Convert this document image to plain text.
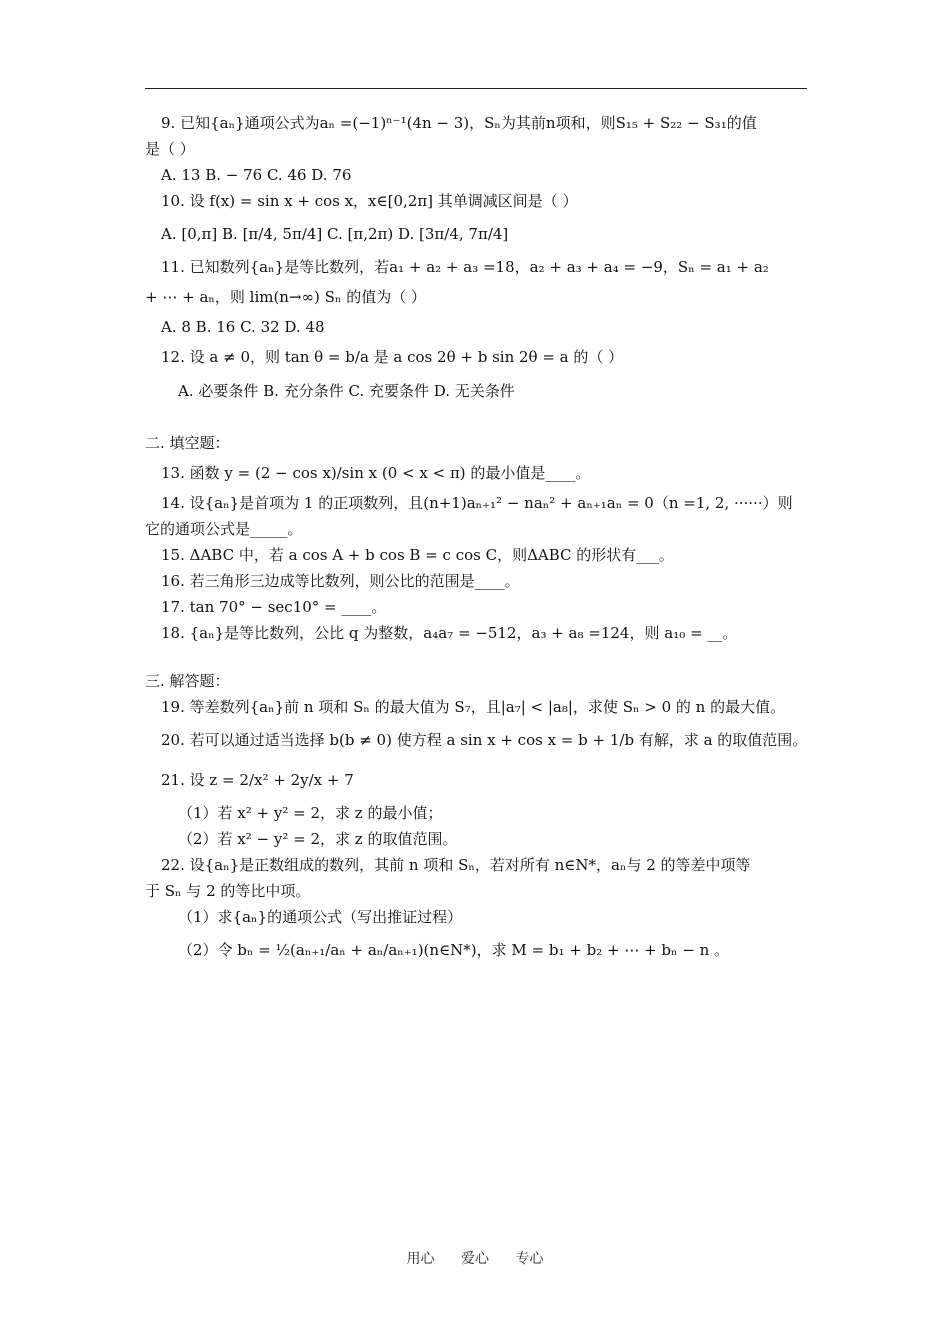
9. 已知{aₙ}通项公式为aₙ =(−1)ⁿ⁻¹(4n − 3)，Sₙ为其前n项和，则S₁₅ + S₂₂ − S₃₁的值
是（ ）
A. 13 B. − 76 C. 46 D. 76
10. 设 f(x) = sin x + cos x，x∈[0,2π] 其单调减区间是（ ）
A. [0,π] B. [π/4, 5π/4] C. [π,2π) D. [3π/4, 7π/4]
11. 已知数列{aₙ}是等比数列，若a₁ + a₂ + a₃ =18，a₂ + a₃ + a₄ = −9，Sₙ = a₁ + a₂
+ ⋯ + aₙ，则 lim(n→∞) Sₙ 的值为（ ）
A. 8 B. 16 C. 32 D. 48
12. 设 a ≠ 0，则 tan θ = b/a 是 a cos 2θ + b sin 2θ = a 的（ ）
A. 必要条件 B. 充分条件 C. 充要条件 D. 无关条件
二. 填空题：
13. 函数 y = (2 − cos x)/sin x (0 < x < π) 的最小值是____。
14. 设{aₙ}是首项为 1 的正项数列，且(n+1)aₙ₊₁² − naₙ² + aₙ₊₁aₙ = 0（n =1, 2, ······）则
它的通项公式是_____。
15. ΔABC 中，若 a cos A + b cos B = c cos C，则ΔABC 的形状有___。
16. 若三角形三边成等比数列，则公比的范围是____。
17. tan 70° − sec10° = ____。
18. {aₙ}是等比数列，公比 q 为整数，a₄a₇ = −512，a₃ + a₈ =124，则 a₁₀ = __。
三. 解答题：
19. 等差数列{aₙ}前 n 项和 Sₙ 的最大值为 S₇，且|a₇| < |a₈|，求使 Sₙ > 0 的 n 的最大值。
20. 若可以通过适当选择 b(b ≠ 0) 使方程 a sin x + cos x = b + 1/b 有解，求 a 的取值范围。
21. 设 z = 2/x² + 2y/x + 7
（1）若 x² + y² = 2，求 z 的最小值；
（2）若 x² − y² = 2，求 z 的取值范围。
22. 设{aₙ}是正数组成的数列，其前 n 项和 Sₙ，若对所有 n∈N*，aₙ与 2 的等差中项等
于 Sₙ 与 2 的等比中项。
（1）求{aₙ}的通项公式（写出推证过程）
（2）令 bₙ = ½(aₙ₊₁/aₙ + aₙ/aₙ₊₁)(n∈N*)，求 M = b₁ + b₂ + ⋯ + bₙ − n 。
用心 爱心 专心
